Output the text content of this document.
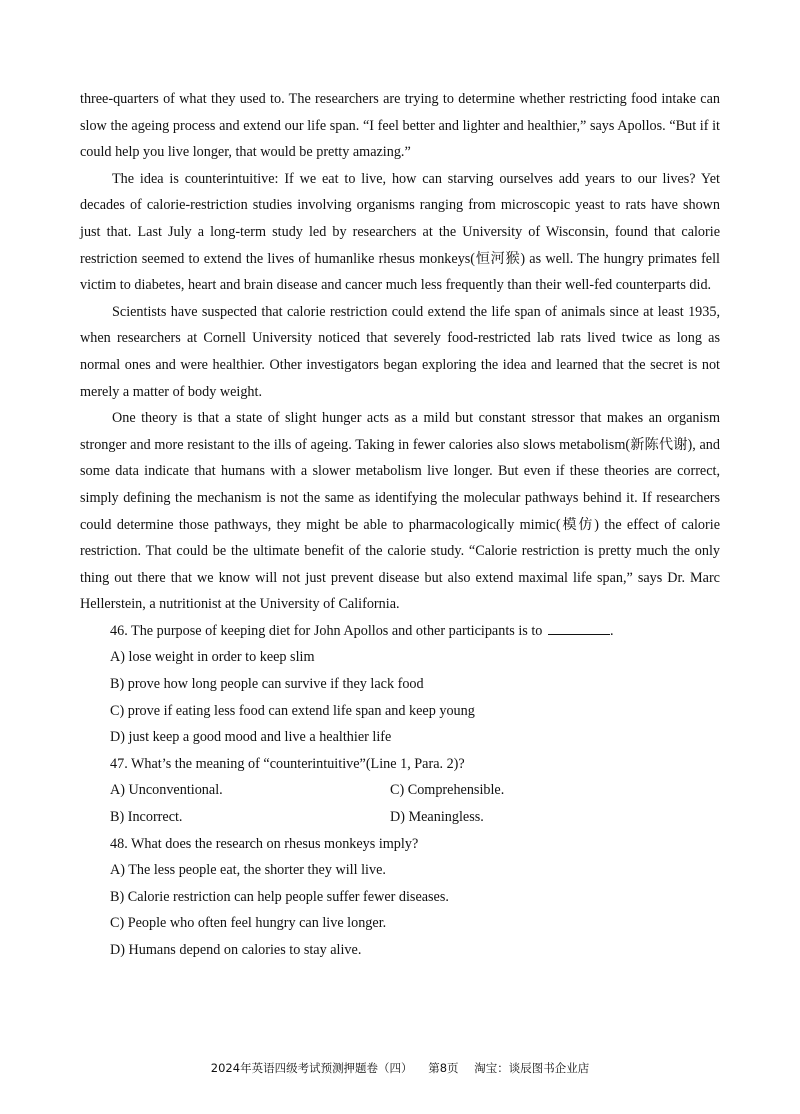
three-quarters of what they used to. The researchers are trying to determine whether restricting food intake can slow the ageing process and extend our life span. “I feel better and lighter and healthier,” says Apollos. “But if it could help you live longer, that would be pretty amazing.”

The idea is counterintuitive: If we eat to live, how can starving ourselves add years to our lives? Yet decades of calorie-restriction studies involving organisms ranging from microscopic yeast to rats have shown just that. Last July a long-term study led by researchers at the University of Wisconsin, found that calorie restriction seemed to extend the lives of humanlike rhesus monkeys(恒河猴) as well. The hungry primates fell victim to diabetes, heart and brain disease and cancer much less frequently than their well-fed counterparts did.

Scientists have suspected that calorie restriction could extend the life span of animals since at least 1935, when researchers at Cornell University noticed that severely food-restricted lab rats lived twice as long as normal ones and were healthier. Other investigators began exploring the idea and learned that the secret is not merely a matter of body weight.

One theory is that a state of slight hunger acts as a mild but constant stressor that makes an organism stronger and more resistant to the ills of ageing. Taking in fewer calories also slows metabolism(新陈代谢), and some data indicate that humans with a slower metabolism live longer. But even if these theories are correct, simply defining the mechanism is not the same as identifying the molecular pathways behind it. If researchers could determine those pathways, they might be able to pharmacologically mimic(模仿) the effect of calorie restriction. That could be the ultimate benefit of the calorie study. “Calorie restriction is pretty much the only thing out there that we know will not just prevent disease but also extend maximal life span,” says Dr. Marc Hellerstein, a nutritionist at the University of California.

46. The purpose of keeping diet for John Apollos and other participants is to	.

A) lose weight in order to keep slim

B) prove how long people can survive if they lack food

C) prove if eating less food can extend life span and keep young

D) just keep a good mood and live a healthier life

47. What’s the meaning of “counterintuitive”(Line 1, Para. 2)?

A) Unconventional.	C) Comprehensible.
B) Incorrect.	D) Meaningless.

48. What does the research on rhesus monkeys imply?

A) The less people eat, the shorter they will live.

B) Calorie restriction can help people suffer fewer diseases.

C) People who often feel hungry can live longer.

D) Humans depend on calories to stay alive.

2024年英语四级考试预测押题卷（四） 第8页 淘宝：谈辰图书企业店
